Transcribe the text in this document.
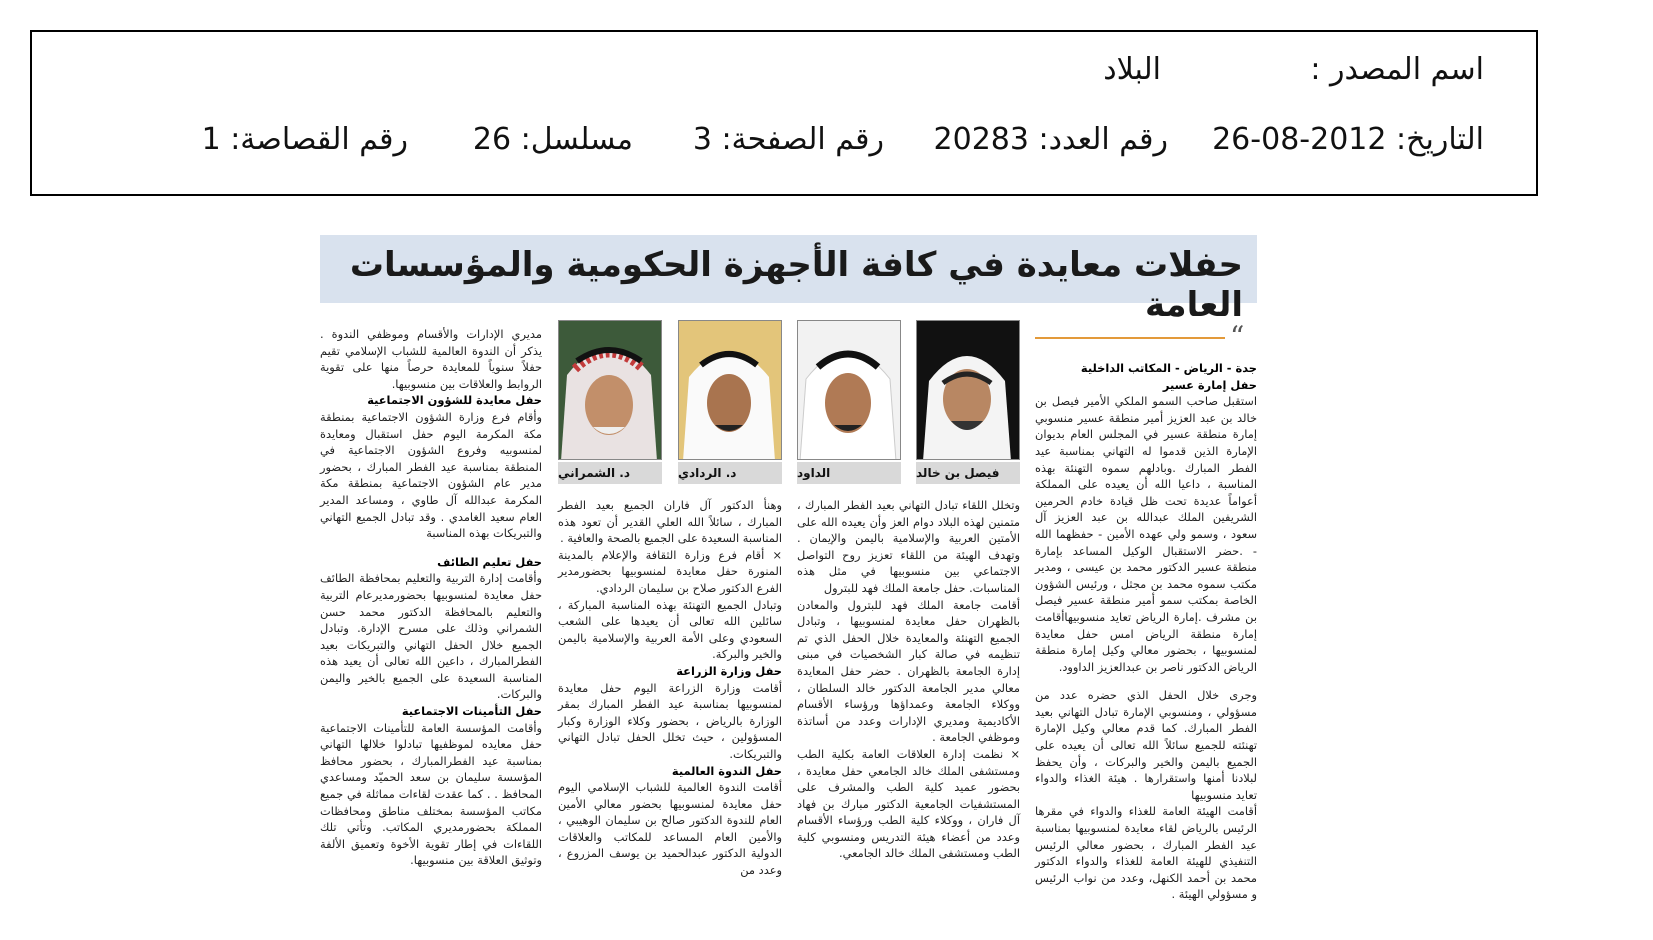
اسم المصدر :
البلاد
التاريخ: 2012-08-26
رقم العدد: 20283
رقم الصفحة: 3
مسلسل: 26
رقم القصاصة: 1
حفلات معايدة في كافة الأجهزة الحكومية والمؤسسات العامة
“
فيصل بن خالد
الداود
د. الردادي
د. الشمراني

جدة - الرياض - المكاتب الداخلية

حفل إمارة عسير

استقبل صاحب السمو الملكي الأمير فيصل بن خالد بن عبد العزيز أمير منطقة عسير منسوبي إمارة منطقة عسير في المجلس العام بديوان الإمارة الذين قدموا له التهاني بمناسبة عيد الفطر المبارك .وبادلهم سموه التهنئة بهذه المناسبة ، داعيا الله أن يعيده على المملكة أعواماً عديدة تحت ظل قيادة خادم الحرمين الشريفين الملك عبدالله بن عبد العزيز آل سعود ، وسمو ولي عهده الأمين - حفظهما الله - .حضر الاستقبال الوكيل المساعد بإمارة منطقة عسير الدكتور محمد بن عيسى ، ومدير مكتب سموه محمد بن مجثل ، ورئيس الشؤون الخاصة بمكتب سمو أمير منطقة عسير فيصل بن مشرف .إمارة الرياض تعايد منسوبيهاأقامت إمارة منطقة الرياض امس حفل معايدة لمنسوبيها ، بحضور معالي وكيل إمارة منطقة الرياض الدكتور ناصر بن عبدالعزيز الداوود.

وجرى خلال الحفل الذي حضره عدد من مسؤولي ، ومنسوبي الإمارة تبادل التهاني بعيد الفطر المبارك. كما قدم معالي وكيل الإمارة تهنئته للجميع سائلاً الله تعالى أن يعيده على الجميع باليمن والخير والبركات ، وأن يحفظ لبلادنا أمنها واستقرارها . هيئة الغذاء والدواء تعايد منسوبيها

أقامت الهيئة العامة للغذاء والدواء في مقرها الرئيس بالرياض لقاء معايدة لمنسوبيها بمناسبة عيد الفطر المبارك ، بحضور معالي الرئيس التنفيذي للهيئة العامة للغذاء والدواء الدكتور محمد بن أحمد الكنهل، وعدد من نواب الرئيس و مسؤولي الهيئة .

وتخلل اللقاء تبادل التهاني بعيد الفطر المبارك ، متمنين لهذه البلاد دوام العز وأن يعيده الله على الأمتين العربية والإسلامية باليمن والإيمان . وتهدف الهيئة من اللقاء تعزيز روح التواصل الاجتماعي بين منسوبيها في مثل هذه المناسبات. حفل جامعة الملك فهد للبترول

أقامت جامعة الملك فهد للبترول والمعادن بالظهران حفل معايدة لمنسوبيها ، وتبادل الجميع التهنئة والمعايدة خلال الحفل الذي تم تنظيمه في صالة كبار الشخصيات في مبنى إدارة الجامعة بالظهران . حضر حفل المعايدة معالي مدير الجامعة الدكتور خالد السلطان ، ووكلاء الجامعة وعمداؤها ورؤساء الأقسام الأكاديمية ومديري الإدارات وعدد من أساتذة وموظفي الجامعة .

× نظمت إدارة العلاقات العامة بكلية الطب ومستشفى الملك خالد الجامعي حفل معايدة ، بحضور عميد كلية الطب والمشرف على المستشفيات الجامعية الدكتور مبارك بن فهاد آل فاران ، ووكلاء كلية الطب ورؤساء الأقسام وعدد من أعضاء هيئة التدريس ومنسوبي كلية الطب ومستشفى الملك خالد الجامعي.

وهنأ الدكتور آل فاران الجميع بعيد الفطر المبارك ، سائلاً الله العلي القدير أن تعود هذه المناسبة السعيدة على الجميع بالصحة والعافية .

× أقام فرع وزارة الثقافة والإعلام بالمدينة المنورة حفل معايدة لمنسوبيها بحضورمدير الفرع الدكتور صلاح بن سليمان الردادي.

وتبادل الجميع التهنئة بهذه المناسبة المباركة ، سائلين الله تعالى أن يعيدها على الشعب السعودي وعلى الأمة العربية والإسلامية باليمن والخير والبركة.

حفل وزارة الزراعة

أقامت وزارة الزراعة اليوم حفل معايدة لمنسوبيها بمناسبة عيد الفطر المبارك بمقر الوزارة بالرياض ، بحضور وكلاء الوزارة وكبار المسؤولين ، حيث تخلل الحفل تبادل التهاني والتبريكات.

حفل الندوة العالمية

أقامت الندوة العالمية للشباب الإسلامي اليوم حفل معايدة لمنسوبيها بحضور معالي الأمين العام للندوة الدكتور صالح بن سليمان الوهيبي ، والأمين العام المساعد للمكاتب والعلاقات الدولية الدكتور عبدالحميد بن يوسف المزروع ، وعدد من

مديري الإدارات والأقسام وموظفي الندوة . يذكر أن الندوة العالمية للشباب الإسلامي تقيم حفلاً سنوياً للمعايدة حرصاً منها على تقوية الروابط والعلاقات بين منسوبيها.

حفل معايدة للشؤون الاجتماعية

وأقام فرع وزارة الشؤون الاجتماعية بمنطقة مكة المكرمة اليوم حفل استقبال ومعايدة لمنسوبيه وفروع الشؤون الاجتماعية في المنطقة بمناسبة عيد الفطر المبارك ، بحضور مدير عام الشؤون الاجتماعية بمنطقة مكة المكرمة عبدالله آل طاوي ، ومساعد المدير العام سعيد الغامدي . وقد تبادل الجميع التهاني والتبريكات بهذه المناسبة

حفل تعليم الطائف

وأقامت إدارة التربية والتعليم بمحافظة الطائف حفل معايدة لمنسوبيها بحضورمديرعام التربية والتعليم بالمحافظة الدكتور محمد حسن الشمراني وذلك على مسرح الإدارة. وتبادل الجميع خلال الحفل التهاني والتبريكات بعيد الفطرالمبارك ، داعين الله تعالى أن يعيد هذه المناسبة السعيدة على الجميع بالخير واليمن والبركات.

حفل التأمينات الاجتماعية

وأقامت المؤسسة العامة للتأمينات الاجتماعية حفل معايده لموظفيها تبادلوا خلالها التهاني بمناسبة عيد الفطرالمبارك ، بحضور محافظ المؤسسة سليمان بن سعد الحميّد ومساعدي المحافظ . . كما عقدت لقاءات مماثلة في جميع مكاتب المؤسسة بمختلف مناطق ومحافظات المملكة بحضورمديري المكاتب. وتأتي تلك اللقاءات في إطار تقوية الأخوة وتعميق الألفة وتوثيق العلاقة بين منسوبيها.
